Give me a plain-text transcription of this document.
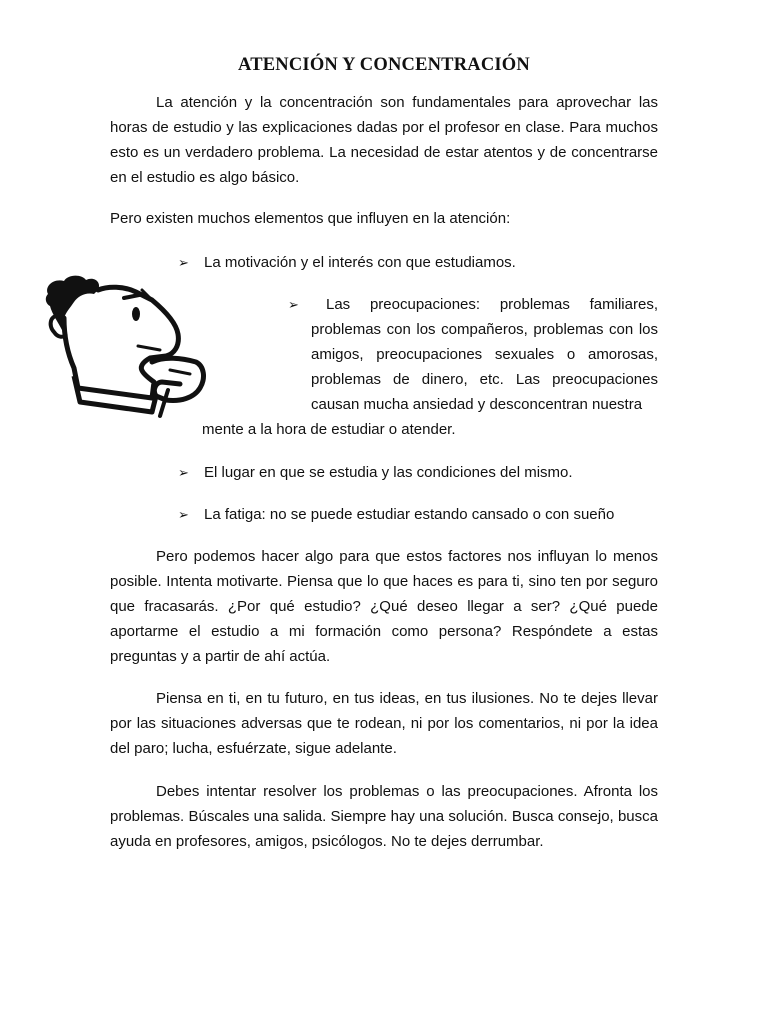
ATENCIÓN Y CONCENTRACIÓN

La atención y la concentración son fundamentales para aprovechar las horas de estudio y las explicaciones dadas por el profesor en clase. Para muchos esto es un verdadero problema. La necesidad de estar atentos y de concentrarse en el estudio es algo básico.

Pero existen muchos elementos que influyen en la atención:

➢ La motivación y el interés con que estudiamos.

➢	Las preocupaciones: problemas familiares, problemas con los compañeros, problemas con los amigos, preocupaciones sexuales o amorosas, problemas de dinero, etc. Las preocupaciones causan mucha ansiedad y desconcentran nuestra

mente a la hora de estudiar o atender.

➢ El lugar en que se estudia y las condiciones del mismo.

➢ La fatiga: no se puede estudiar estando cansado o con sueño

Pero podemos hacer algo para que estos factores nos influyan lo menos posible. Intenta motivarte. Piensa que lo que haces es para ti, sino ten por seguro que fracasarás. ¿Por qué estudio? ¿Qué deseo llegar a ser? ¿Qué puede aportarme el estudio a mi formación como persona? Respóndete a estas preguntas y a partir de ahí actúa.

Piensa en ti, en tu futuro, en tus ideas, en tus ilusiones. No te dejes llevar por las situaciones adversas que te rodean, ni por los comentarios, ni por la idea del paro; lucha, esfuérzate, sigue adelante.

Debes intentar resolver los problemas o las preocupaciones. Afronta los problemas. Búscales una salida. Siempre hay una solución. Busca consejo, busca ayuda en profesores, amigos, psicólogos. No te dejes derrumbar.
